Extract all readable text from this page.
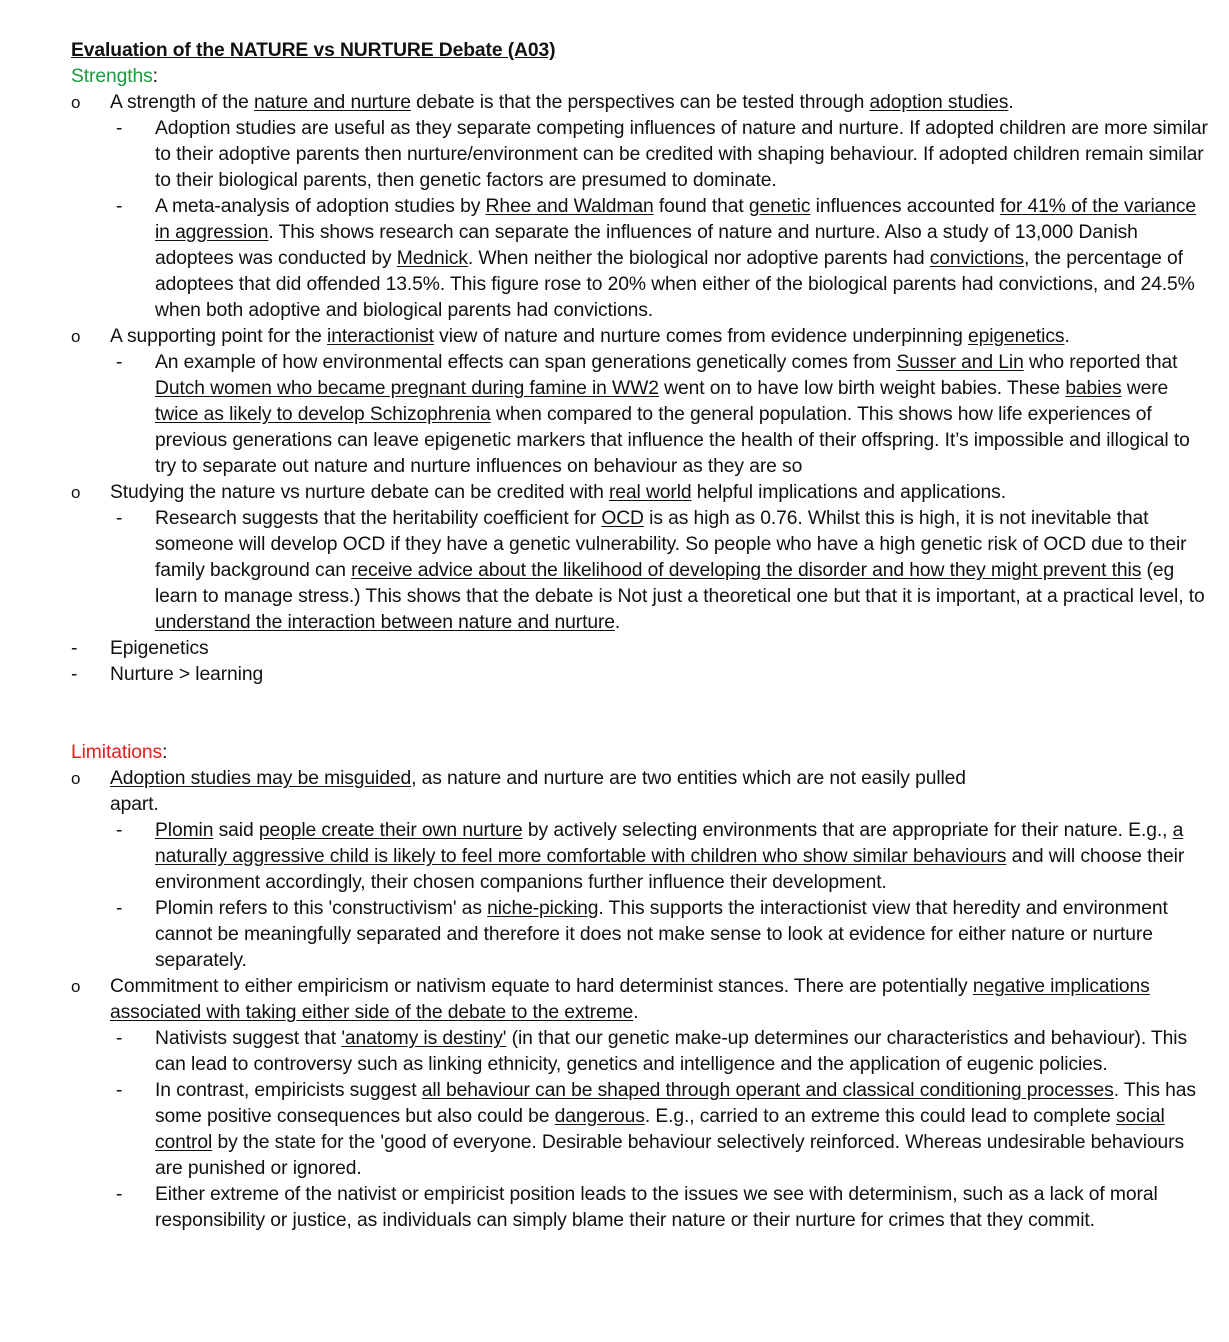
Evaluation of the NATURE vs NURTURE Debate (A03)
Strengths:
o A strength of the nature and nurture debate is that the perspectives can be tested through adoption studies.
- Adoption studies are useful as they separate competing influences of nature and nurture. If adopted children are more similar to their adoptive parents then nurture/environment can be credited with shaping behaviour. If adopted children remain similar to their biological parents, then genetic factors are presumed to dominate.
- A meta-analysis of adoption studies by Rhee and Waldman found that genetic influences accounted for 41% of the variance in aggression. This shows research can separate the influences of nature and nurture. Also a study of 13,000 Danish adoptees was conducted by Mednick. When neither the biological nor adoptive parents had convictions, the percentage of adoptees that did offended 13.5%. This figure rose to 20% when either of the biological parents had convictions, and 24.5% when both adoptive and biological parents had convictions.
o A supporting point for the interactionist view of nature and nurture comes from evidence underpinning epigenetics.
- An example of how environmental effects can span generations genetically comes from Susser and Lin who reported that Dutch women who became pregnant during famine in WW2 went on to have low birth weight babies. These babies were twice as likely to develop Schizophrenia when compared to the general population. This shows how life experiences of previous generations can leave epigenetic markers that influence the health of their offspring. It’s impossible and illogical to try to separate out nature and nurture influences on behaviour as they are so
o Studying the nature vs nurture debate can be credited with real world helpful implications and applications.
- Research suggests that the heritability coefficient for OCD is as high as 0.76. Whilst this is high, it is not inevitable that someone will develop OCD if they have a genetic vulnerability. So people who have a high genetic risk of OCD due to their family background can receive advice about the likelihood of developing the disorder and how they might prevent this (eg learn to manage stress.) This shows that the debate is Not just a theoretical one but that it is important, at a practical level, to understand the interaction between nature and nurture.
- Epigenetics
- Nurture > learning
Limitations:
o Adoption studies may be misguided, as nature and nurture are two entities which are not easily pulled
apart.
- Plomin said people create their own nurture by actively selecting environments that are appropriate for their nature. E.g., a naturally aggressive child is likely to feel more comfortable with children who show similar behaviours and will choose their environment accordingly, their chosen companions further influence their development.
- Plomin refers to this 'constructivism' as niche-picking. This supports the interactionist view that heredity and environment cannot be meaningfully separated and therefore it does not make sense to look at evidence for either nature or nurture separately.
o Commitment to either empiricism or nativism equate to hard determinist stances. There are potentially negative implications associated with taking either side of the debate to the extreme.
- Nativists suggest that 'anatomy is destiny' (in that our genetic make-up determines our characteristics and behaviour). This can lead to controversy such as linking ethnicity, genetics and intelligence and the application of eugenic policies.
- In contrast, empiricists suggest all behaviour can be shaped through operant and classical conditioning processes. This has some positive consequences but also could be dangerous. E.g., carried to an extreme this could lead to complete social control by the state for the 'good of everyone. Desirable behaviour selectively reinforced. Whereas undesirable behaviours are punished or ignored.
- Either extreme of the nativist or empiricist position leads to the issues we see with determinism, such as a lack of moral responsibility or justice, as individuals can simply blame their nature or their nurture for crimes that they commit.
